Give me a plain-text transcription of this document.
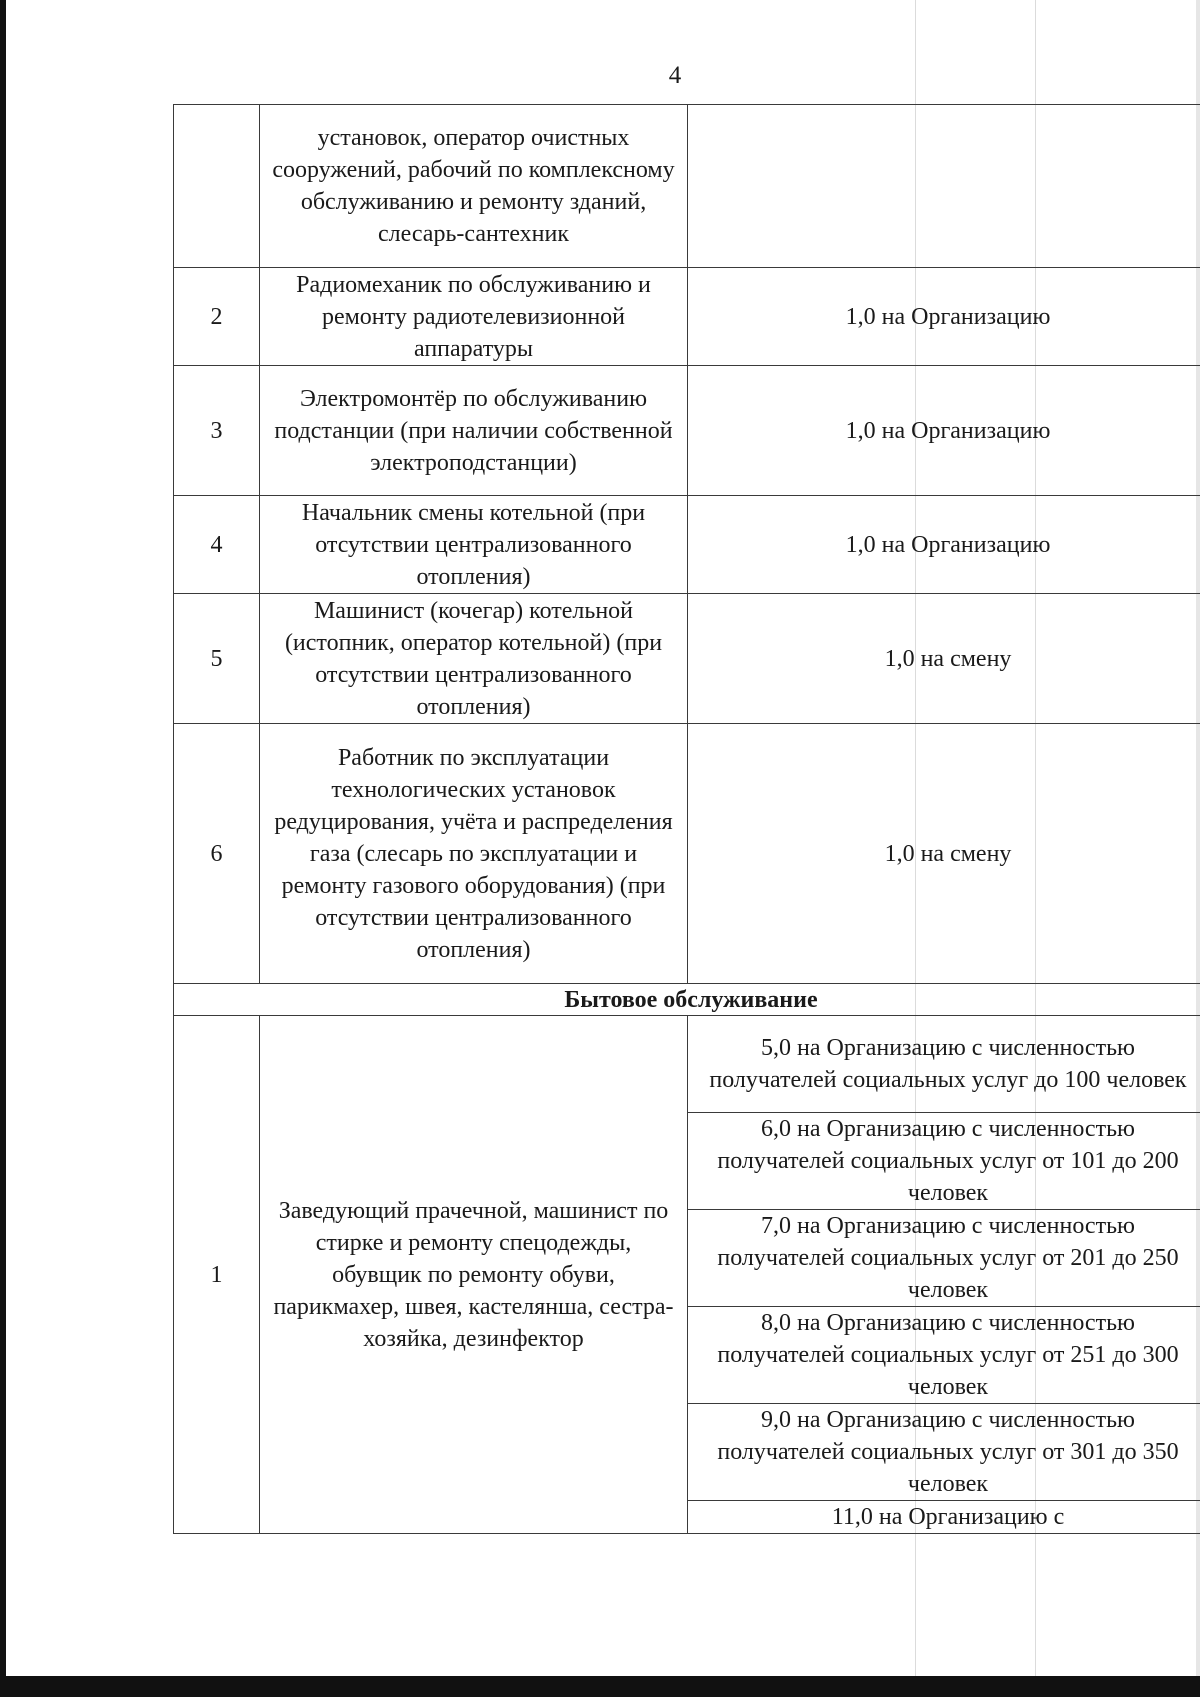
4
	установок, оператор очистных сооружений, рабочий по комплексному обслуживанию и ремонту зданий, слесарь-сантехник	
2	Радиомеханик по обслуживанию и ремонту радиотелевизионной аппаратуры	1,0 на Организацию
3	Электромонтёр по обслуживанию подстанции (при наличии собственной электроподстанции)	1,0 на Организацию
4	Начальник смены котельной (при отсутствии централизованного отопления)	1,0 на Организацию
5	Машинист (кочегар) котельной (истопник, оператор котельной) (при отсутствии централизованного отопления)	1,0 на смену
6	Работник по эксплуатации технологических установок редуцирования, учёта и распределения газа (слесарь по эксплуатации и ремонту газового оборудования) (при отсутствии централизованного отопления)	1,0 на смену
Бытовое обслуживание		
1	Заведующий прачечной, машинист по стирке и ремонту спецодежды, обувщик по ремонту обуви, парикмахер, швея, кастелянша, сестра-хозяйка, дезинфектор	5,0 на Организацию с численностью получателей социальных услуг до 100 человек
		6,0 на Организацию с численностью получателей социальных услуг от 101 до 200 человек
		7,0 на Организацию с численностью получателей социальных услуг от 201 до 250 человек
		8,0 на Организацию с численностью получателей социальных услуг от 251 до 300 человек
		9,0 на Организацию с численностью получателей социальных услуг от 301 до 350 человек
		11,0 на Организацию с
